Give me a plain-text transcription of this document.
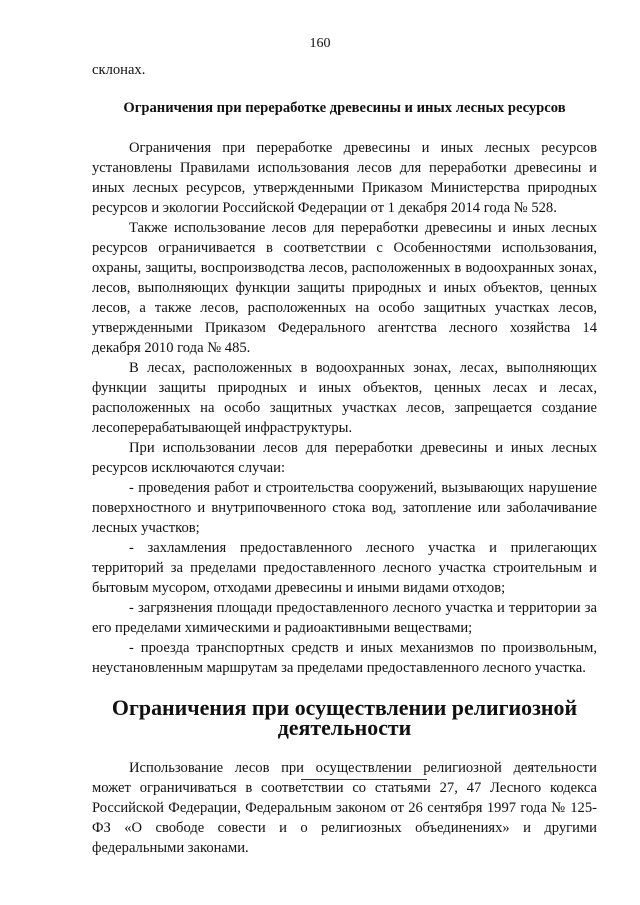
160

склонах.

Ограничения при переработке древесины и иных лесных ресурсов

Ограничения при переработке древесины и иных лесных ресурсов установлены Правилами использования лесов для переработки древесины и иных лесных ресурсов, утвержденными Приказом Министерства природных ресурсов и экологии Российской Федерации от 1 декабря 2014 года № 528.

Также использование лесов для переработки древесины и иных лесных ресурсов ограничивается в соответствии с Особенностями использования, охраны, защиты, воспроизводства лесов, расположенных в водоохранных зонах, лесов, выполняющих функции защиты природных и иных объектов, ценных лесов, а также лесов, расположенных на особо защитных участках лесов, утвержденными Приказом Федерального агентства лесного хозяйства 14 декабря 2010 года № 485.

В лесах, расположенных в водоохранных зонах, лесах, выполняющих функции защиты природных и иных объектов, ценных лесах и лесах, расположенных на особо защитных участках лесов, запрещается создание лесоперерабатывающей инфраструктуры.

При использовании лесов для переработки древесины и иных лесных ресурсов исключаются случаи:

- проведения работ и строительства сооружений, вызывающих нарушение поверхностного и внутрипочвенного стока вод, затопление или заболачивание лесных участков;

- захламления предоставленного лесного участка и прилегающих территорий за пределами предоставленного лесного участка строительным и бытовым мусором, отходами древесины и иными видами отходов;

- загрязнения площади предоставленного лесного участка и территории за его пределами химическими и радиоактивными веществами;

- проезда транспортных средств и иных механизмов по произвольным, неустановленным маршрутам за пределами предоставленного лесного участка.

Ограничения при осуществлении религиозной деятельности

Использование лесов при осуществлении религиозной деятельности может ограничиваться в соответствии со статьями 27, 47 Лесного кодекса Российской Федерации, Федеральным законом от 26 сентября 1997 года № 125-ФЗ «О свободе совести и о религиозных объединениях» и другими федеральными законами.
